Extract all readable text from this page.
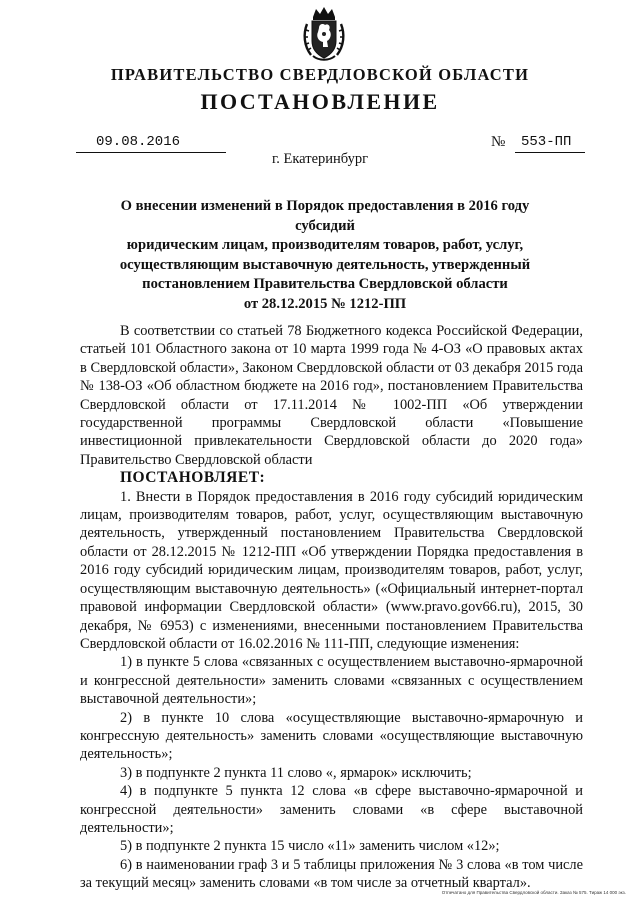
ПРАВИТЕЛЬСТВО СВЕРДЛОВСКОЙ ОБЛАСТИ
ПОСТАНОВЛЕНИЕ
09.08.2016	№	553-ПП
г. Екатеринбург
О внесении изменений в Порядок предоставления в 2016 году субсидий
юридическим лицам, производителям товаров, работ, услуг,
осуществляющим выставочную деятельность, утвержденный
постановлением Правительства Свердловской области
от 28.12.2015 № 1212-ПП

В соответствии со статьей 78 Бюджетного кодекса Российской Федерации, статьей 101 Областного закона от 10 марта 1999 года № 4-ОЗ «О правовых актах в Свердловской области», Законом Свердловской области от 03 декабря 2015 года № 138-ОЗ «Об областном бюджете на 2016 год», постановлением Правительства Свердловской области от 17.11.2014 № 1002-ПП «Об утверждении государственной программы Свердловской области «Повышение инвестиционной привлекательности Свердловской области до 2020 года» Правительство Свердловской области

ПОСТАНОВЛЯЕТ:

1. Внести в Порядок предоставления в 2016 году субсидий юридическим лицам, производителям товаров, работ, услуг, осуществляющим выставочную деятельность, утвержденный постановлением Правительства Свердловской области от 28.12.2015 № 1212-ПП «Об утверждении Порядка предоставления в 2016 году субсидий юридическим лицам, производителям товаров, работ, услуг, осуществляющим выставочную деятельность» («Официальный интернет-портал правовой информации Свердловской области» (www.pravo.gov66.ru), 2015, 30 декабря, № 6953) с изменениями, внесенными постановлением Правительства Свердловской области от 16.02.2016 № 111-ПП, следующие изменения:

1) в пункте 5 слова «связанных с осуществлением выставочно-ярмарочной и конгрессной деятельности» заменить словами «связанных с осуществлением выставочной деятельности»;

2) в пункте 10 слова «осуществляющие выставочно-ярмарочную и конгрессную деятельность» заменить словами «осуществляющие выставочную деятельность»;

3) в подпункте 2 пункта 11 слово «, ярмарок» исключить;

4) в подпункте 5 пункта 12 слова «в сфере выставочно-ярмарочной и конгрессной деятельности» заменить словами «в сфере выставочной деятельности»;

5) в подпункте 2 пункта 15 число «11» заменить числом «12»;

6) в наименовании граф 3 и 5 таблицы приложения № 3 слова «в том числе за текущий месяц» заменить словами «в том числе за отчетный квартал».

Отпечатано для Правительства Свердловской области. Заказ № 575. Тираж 14 000 экз.
